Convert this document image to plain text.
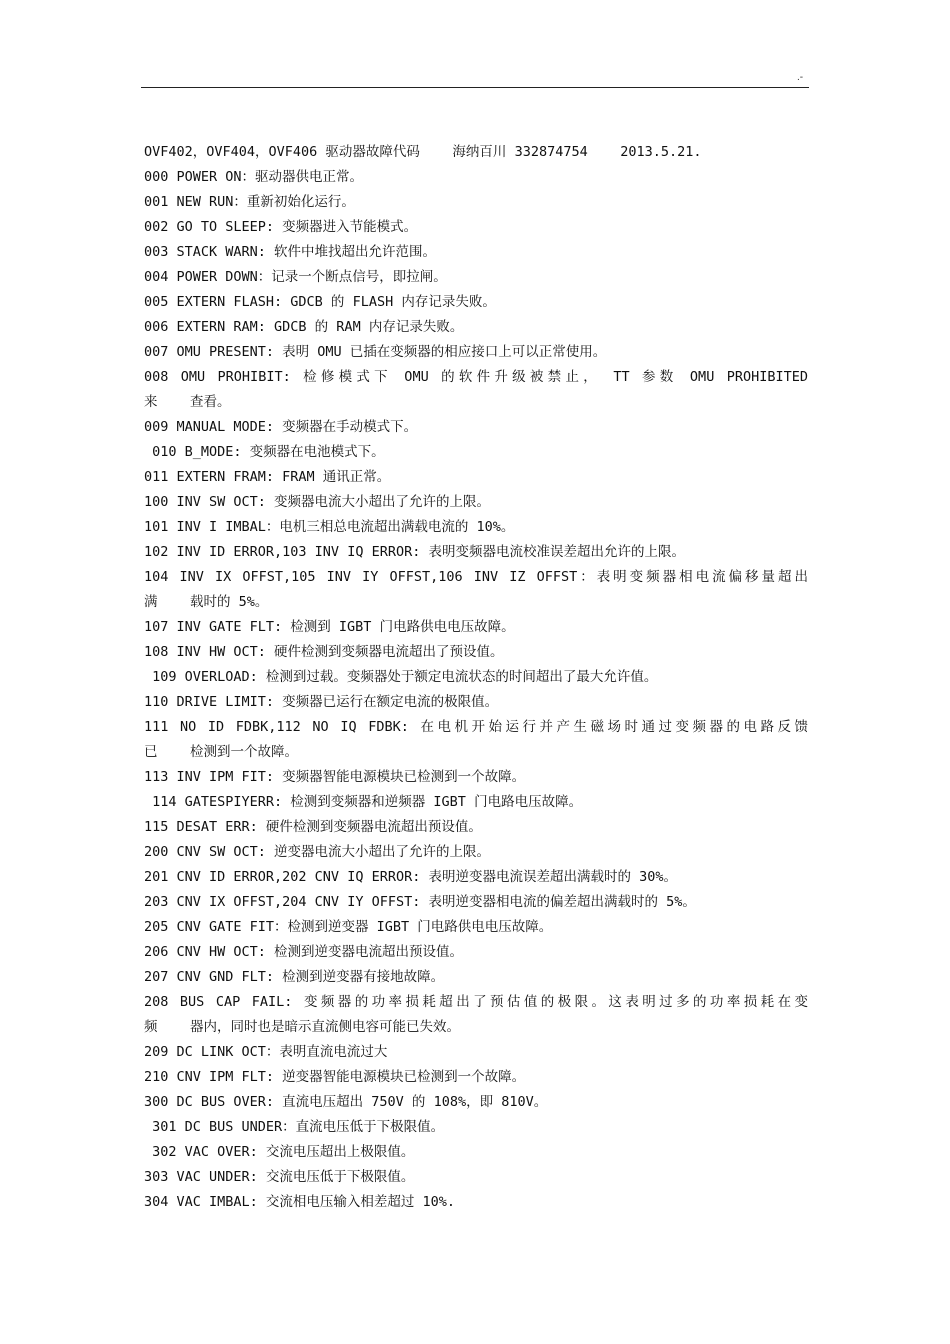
.-
OVF402，OVF404，OVF406 驱动器故障代码    海纳百川 332874754    2013.5.21.
000 POWER ON：驱动器供电正常。
001 NEW RUN：重新初始化运行。
002 GO TO SLEEP: 变频器进入节能模式。
003 STACK WARN: 软件中堆找超出允许范围。
004 POWER DOWN：记录一个断点信号，即拉闸。
005 EXTERN FLASH: GDCB 的 FLASH 内存记录失败。
006 EXTERN RAM: GDCB 的 RAM 内存记录失败。
007 OMU PRESENT: 表明 OMU 已插在变频器的相应接口上可以正常使用。
008 OMU PROHIBIT: 检修模式下 OMU 的软件升级被禁止， TT 参数 OMU PROHIBITED
来    查看。
009 MANUAL MODE: 变频器在手动模式下。
010 B_MODE: 变频器在电池模式下。
011 EXTERN FRAM: FRAM 通讯正常。
100 INV SW OCT: 变频器电流大小超出了允许的上限。
101 INV I IMBAL：电机三相总电流超出满载电流的 10%。
102 INV ID ERROR,103 INV IQ ERROR: 表明变频器电流校准误差超出允许的上限。
104 INV IX OFFST,105 INV IY OFFST,106 INV IZ OFFST：表明变频器相电流偏移量超出
满    载时的 5%。
107 INV GATE FLT: 检测到 IGBT 门电路供电电压故障。
108 INV HW OCT: 硬件检测到变频器电流超出了预设值。
109 OVERLOAD: 检测到过载。变频器处于额定电流状态的时间超出了最大允许值。
110 DRIVE LIMIT: 变频器已运行在额定电流的极限值。
111 NO ID FDBK,112 NO IQ FDBK: 在电机开始运行并产生磁场时通过变频器的电路反馈
已    检测到一个故障。
113 INV IPM FIT: 变频器智能电源模块已检测到一个故障。
114 GATESPIYERR: 检测到变频器和逆频器 IGBT 门电路电压故障。
115 DESAT ERR: 硬件检测到变频器电流超出预设值。
200 CNV SW OCT: 逆变器电流大小超出了允许的上限。
201 CNV ID ERROR,202 CNV IQ ERROR: 表明逆变器电流误差超出满载时的 30%。
203 CNV IX OFFST,204 CNV IY OFFST: 表明逆变器相电流的偏差超出满载时的 5%。
205 CNV GATE FIT：检测到逆变器 IGBT 门电路供电电压故障。
206 CNV HW OCT: 检测到逆变器电流超出预设值。
207 CNV GND FLT: 检测到逆变器有接地故障。
208 BUS CAP FAIL: 变频器的功率损耗超出了预估值的极限。这表明过多的功率损耗在变
频    器内，同时也是暗示直流侧电容可能已失效。
209 DC LINK OCT：表明直流电流过大
210 CNV IPM FLT: 逆变器智能电源模块已检测到一个故障。
300 DC BUS OVER: 直流电压超出 750V 的 108%，即 810V。
301 DC BUS UNDER：直流电压低于下极限值。
302 VAC OVER: 交流电压超出上极限值。
303 VAC UNDER: 交流电压低于下极限值。
304 VAC IMBAL: 交流相电压输入相差超过 10%.
